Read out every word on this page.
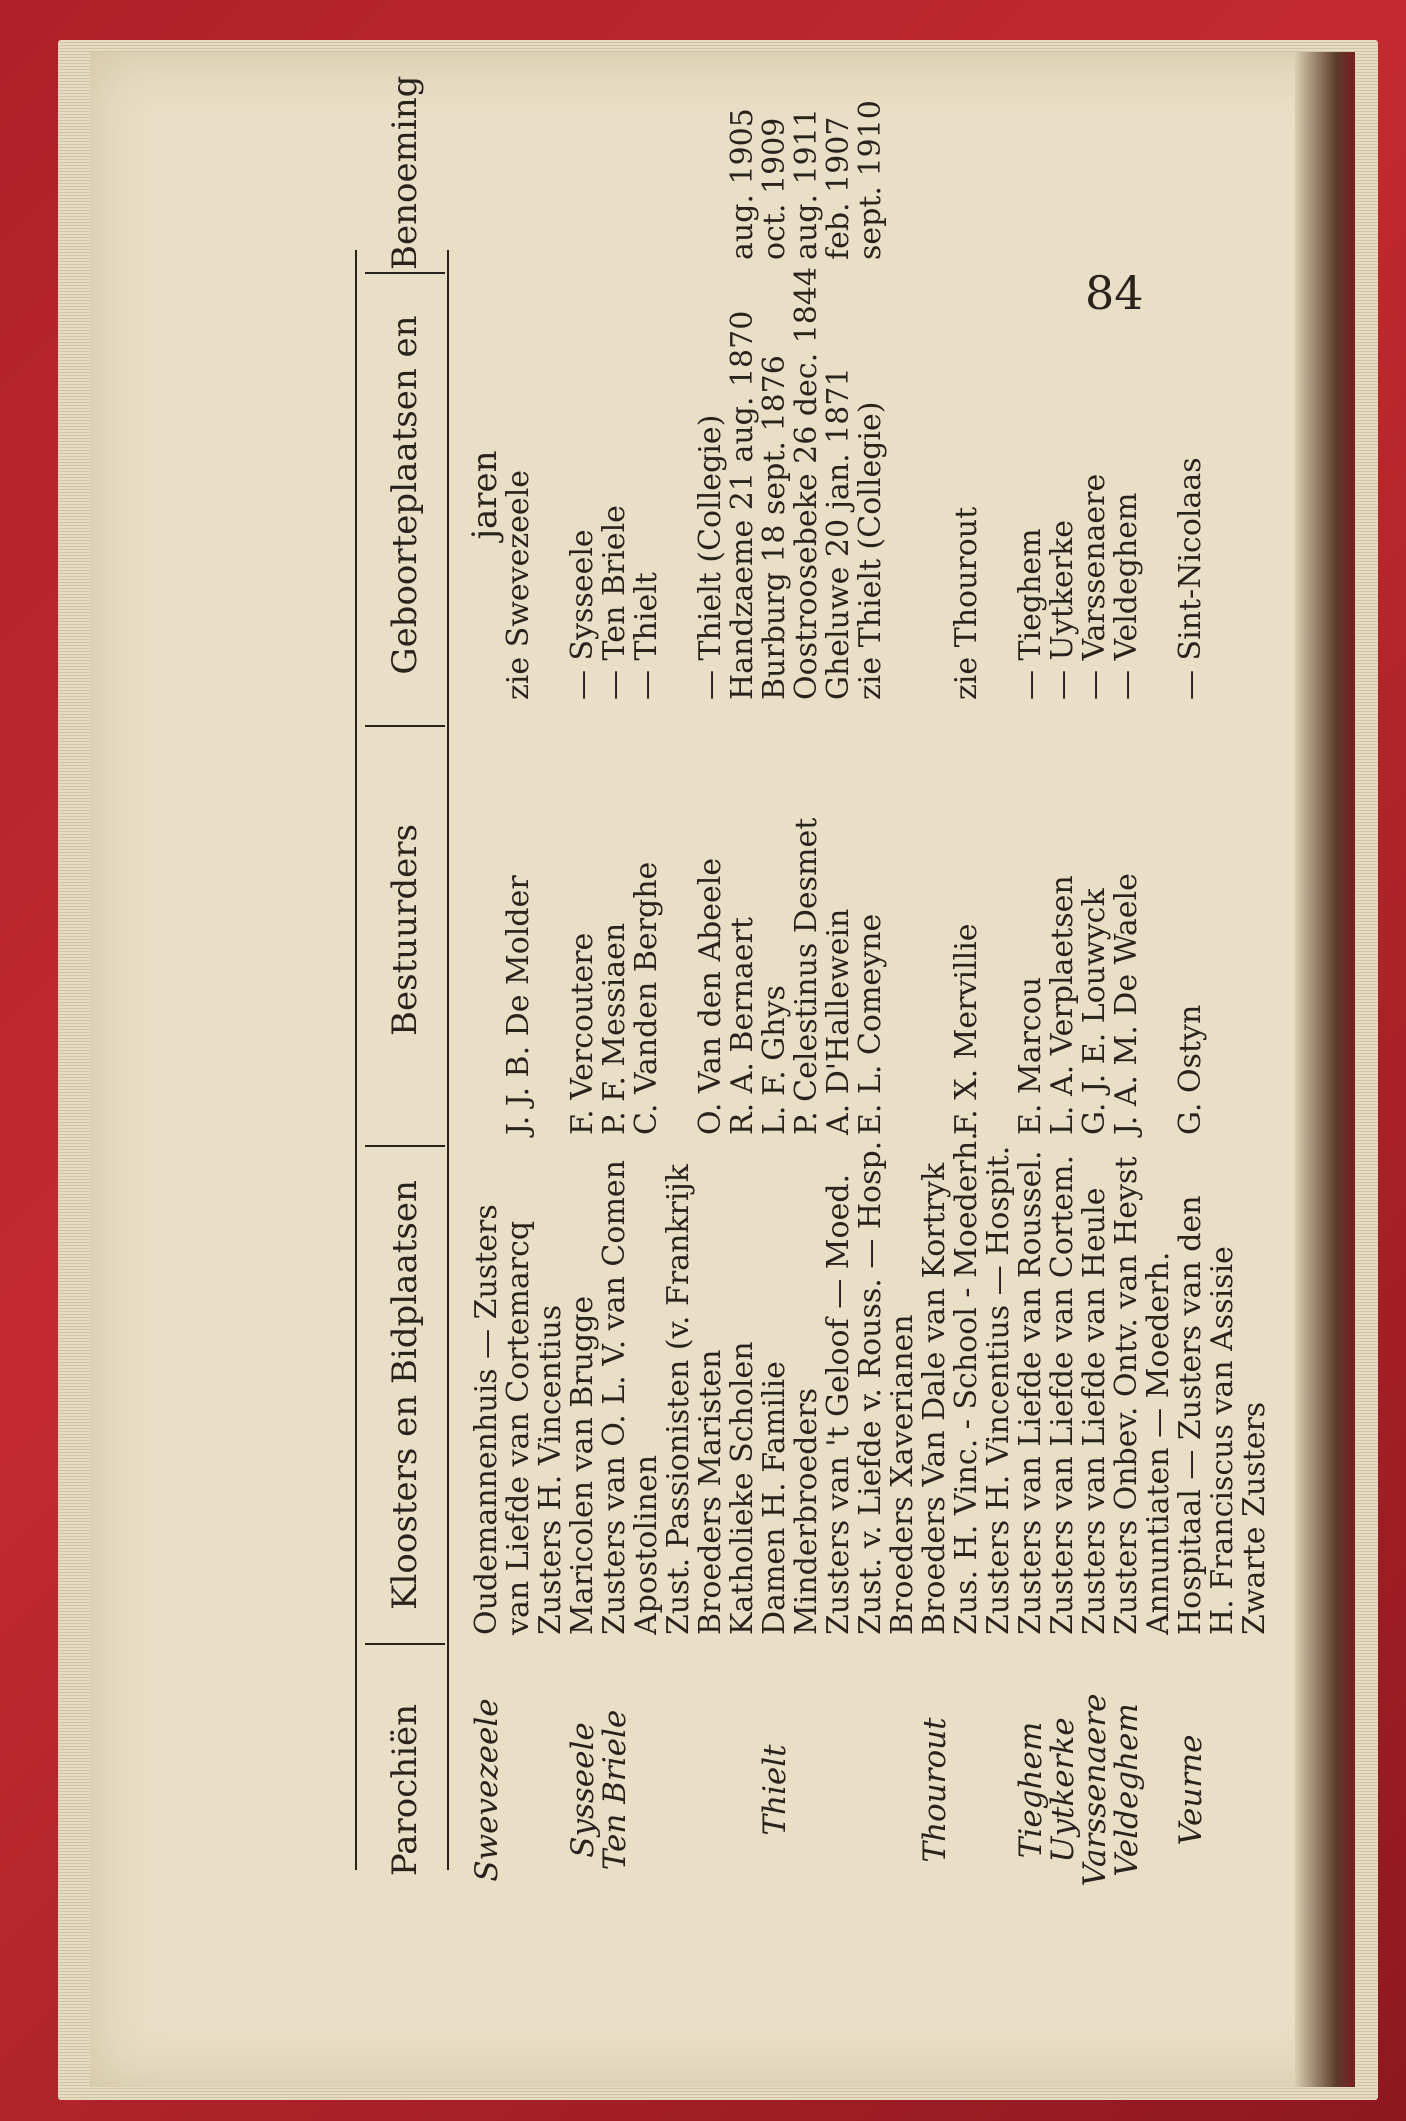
84
Parochiën
Kloosters en Bidplaatsen
Bestuurders
Geboorteplaatsen en jaren
Benoeming
Swevezeele
Oudemannenhuis — Zusters
van Liefde van Cortemarcq
J. J. B. De Molder
zie Swevezeele
Zusters H. Vincentius
Sysseele
Maricolen van Brugge
F. Vercoutere
— Sysseele
Ten Briele
Zusters van O. L. V. van Comen
P. F. Messiaen
— Ten Briele
Apostolinen
C. Vanden Berghe
— Thielt
Zust. Passionisten (v. Frankrijk
Broeders Maristen
O. Van den Abeele
— Thielt (Collegie)
Katholieke Scholen
R. A. Bernaert
Handzaeme 21 aug. 1870
aug. 1905
Thielt
Damen H. Familie
L. F. Ghys
Burburg 18 sept. 1876
oct. 1909
Minderbroeders
P. Celestinus Desmet
Oostroosebeke 26 dec. 1844
aug. 1911
Zusters van 't Geloof — Moed.
A. D'Hallewein
Gheluwe 20 jan. 1871
feb. 1907
Zust. v. Liefde v. Rouss. — Hosp.
E. L. Comeyne
zie Thielt (Collegie)
sept. 1910
Broeders Xaverianen
Thourout
Broeders Van Dale van Kortryk
Zus. H. Vinc. - School - Moederh.
F. X. Mervillie
zie Thourout
Zusters H. Vincentius — Hospit.
Tieghem
Zusters van Liefde van Roussel.
E. Marcou
— Tieghem
Uytkerke
Zusters van Liefde van Cortem.
L. A. Verplaetsen
— Uytkerke
Varssenaere
Zusters van Liefde van Heule
G. J. E. Louwyck
— Varssenaere
Veldeghem
Zusters Onbev. Ontv. van Heyst
J. A. M. De Waele
— Veldeghem
Annuntiaten — Moederh.
Veurne
Hospitaal — Zusters van den
G. Ostyn
— Sint-Nicolaas
H. Franciscus van Assisie
Zwarte Zusters
